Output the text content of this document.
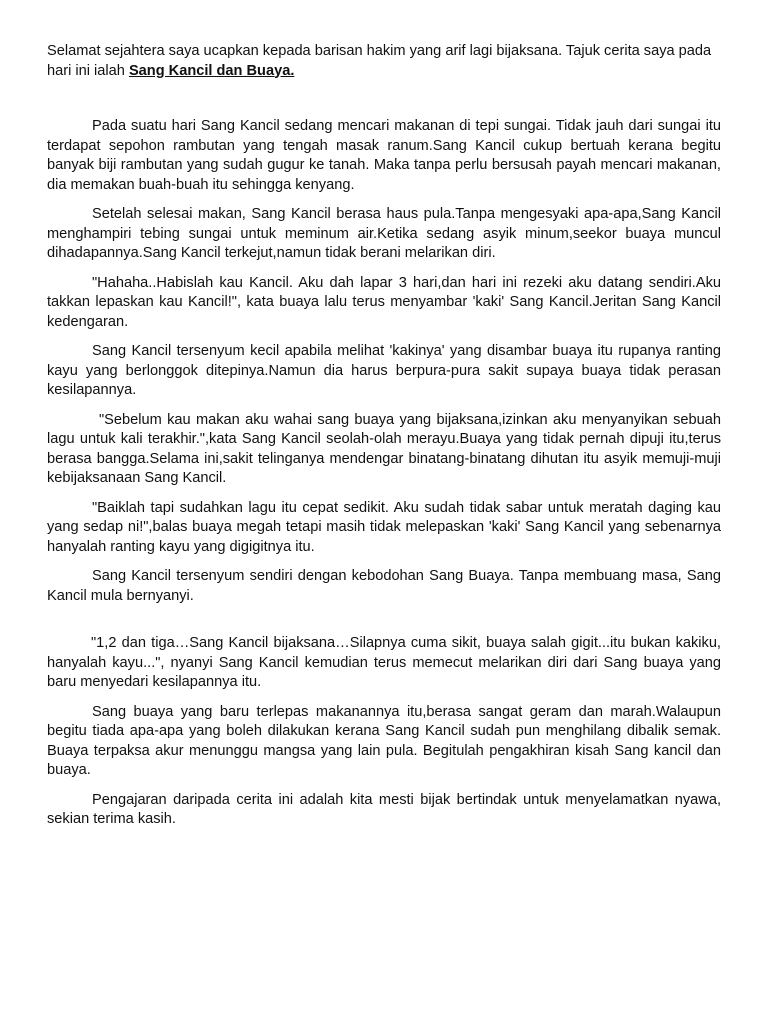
Selamat sejahtera saya ucapkan kepada barisan hakim yang arif lagi bijaksana. Tajuk cerita saya pada hari ini ialah Sang Kancil dan Buaya.

Pada suatu hari Sang Kancil sedang mencari makanan di tepi sungai. Tidak jauh dari sungai itu terdapat sepohon rambutan yang tengah masak ranum.Sang Kancil cukup bertuah kerana begitu banyak biji rambutan yang sudah gugur ke tanah. Maka tanpa perlu bersusah payah mencari makanan, dia memakan buah-buah itu sehingga kenyang.

Setelah selesai makan, Sang Kancil berasa haus pula.Tanpa mengesyaki apa-apa,Sang Kancil menghampiri tebing sungai untuk meminum air.Ketika sedang asyik minum,seekor buaya muncul dihadapannya.Sang Kancil terkejut,namun tidak berani melarikan diri.

"Hahaha..Habislah kau Kancil. Aku dah lapar 3 hari,dan hari ini rezeki aku datang sendiri.Aku takkan lepaskan kau Kancil!", kata buaya lalu terus menyambar 'kaki' Sang Kancil.Jeritan Sang Kancil kedengaran.

Sang Kancil tersenyum kecil apabila melihat 'kakinya' yang disambar buaya itu rupanya ranting kayu yang berlonggok ditepinya.Namun dia harus berpura-pura sakit supaya buaya tidak perasan kesilapannya.

"Sebelum kau makan aku wahai sang buaya yang bijaksana,izinkan aku menyanyikan sebuah lagu untuk kali terakhir.",kata Sang Kancil seolah-olah merayu.Buaya yang tidak pernah dipuji itu,terus berasa bangga.Selama ini,sakit telinganya mendengar binatang-binatang dihutan itu asyik memuji-muji kebijaksanaan Sang Kancil.

"Baiklah tapi sudahkan lagu itu cepat sedikit. Aku sudah tidak sabar untuk meratah daging kau yang sedap ni!",balas buaya megah tetapi masih tidak melepaskan 'kaki' Sang Kancil yang sebenarnya hanyalah ranting kayu yang digigitnya itu.

Sang Kancil tersenyum sendiri dengan kebodohan Sang Buaya. Tanpa membuang masa, Sang Kancil mula bernyanyi.

"1,2 dan tiga…Sang Kancil bijaksana…Silapnya cuma sikit, buaya salah gigit...itu bukan kakiku, hanyalah kayu...", nyanyi Sang Kancil kemudian terus memecut melarikan diri dari Sang buaya yang baru menyedari kesilapannya itu.

Sang buaya yang baru terlepas makanannya itu,berasa sangat geram dan marah.Walaupun begitu tiada apa-apa yang boleh dilakukan kerana Sang Kancil sudah pun menghilang dibalik semak. Buaya terpaksa akur menunggu mangsa yang lain pula. Begitulah pengakhiran kisah Sang kancil dan buaya.

Pengajaran daripada cerita ini adalah kita mesti bijak bertindak untuk menyelamatkan nyawa, sekian terima kasih.
